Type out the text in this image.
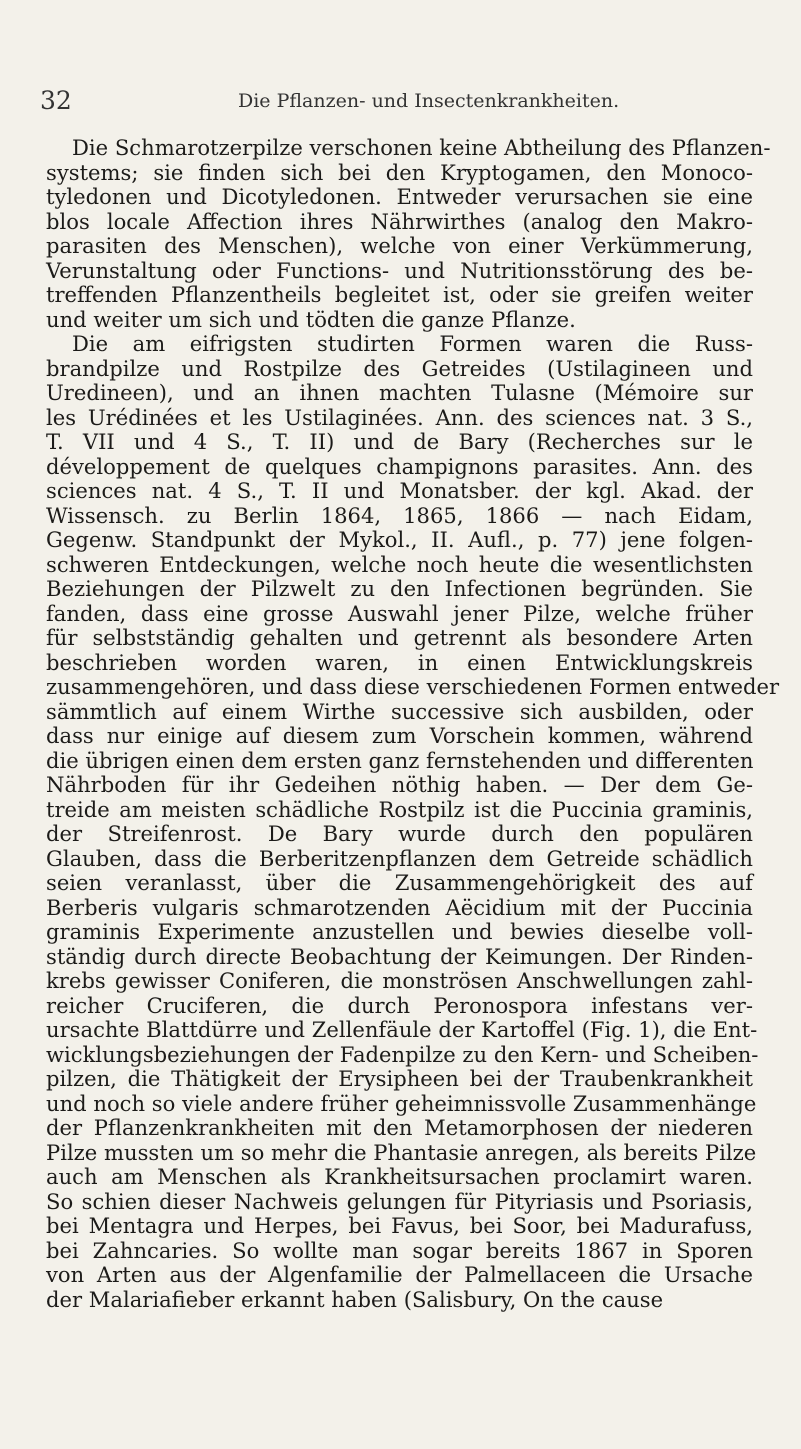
32	Die Pflanzen- und Insectenkrankheiten.
Die Schmarotzerpilze verschonen keine Abtheilung des Pflanzen-
systems; sie finden sich bei den Kryptogamen, den Monoco-
tyledonen und Dicotyledonen. Entweder verursachen sie eine
blos locale Affection ihres Nährwirthes (analog den Makro-
parasiten des Menschen), welche von einer Verkümmerung,
Verunstaltung oder Functions- und Nutritionsstörung des be-
treffenden Pflanzentheils begleitet ist, oder sie greifen weiter
und weiter um sich und tödten die ganze Pflanze.
Die am eifrigsten studirten Formen waren die Russ-
brandpilze und Rostpilze des Getreides (Ustilagineen und
Uredineen), und an ihnen machten Tulasne (Mémoire sur
les Urédinées et les Ustilaginées. Ann. des sciences nat. 3 S.,
T. VII und 4 S., T. II) und de Bary (Recherches sur le
développement de quelques champignons parasites. Ann. des
sciences nat. 4 S., T. II und Monatsber. der kgl. Akad. der
Wissensch. zu Berlin 1864, 1865, 1866 — nach Eidam,
Gegenw. Standpunkt der Mykol., II. Aufl., p. 77) jene folgen-
schweren Entdeckungen, welche noch heute die wesentlichsten
Beziehungen der Pilzwelt zu den Infectionen begründen. Sie
fanden, dass eine grosse Auswahl jener Pilze, welche früher
für selbstständig gehalten und getrennt als besondere Arten
beschrieben worden waren, in einen Entwicklungskreis
zusammengehören, und dass diese verschiedenen Formen entweder
sämmtlich auf einem Wirthe successive sich ausbilden, oder
dass nur einige auf diesem zum Vorschein kommen, während
die übrigen einen dem ersten ganz fernstehenden und differenten
Nährboden für ihr Gedeihen nöthig haben. — Der dem Ge-
treide am meisten schädliche Rostpilz ist die Puccinia graminis,
der Streifenrost. De Bary wurde durch den populären
Glauben, dass die Berberitzenpflanzen dem Getreide schädlich
seien veranlasst, über die Zusammengehörigkeit des auf
Berberis vulgaris schmarotzenden Aëcidium mit der Puccinia
graminis Experimente anzustellen und bewies dieselbe voll-
ständig durch directe Beobachtung der Keimungen. Der Rinden-
krebs gewisser Coniferen, die monströsen Anschwellungen zahl-
reicher Cruciferen, die durch Peronospora infestans ver-
ursachte Blattdürre und Zellenfäule der Kartoffel (Fig. 1), die Ent-
wicklungsbeziehungen der Fadenpilze zu den Kern- und Scheiben-
pilzen, die Thätigkeit der Erysipheen bei der Traubenkrankheit
und noch so viele andere früher geheimnissvolle Zusammenhänge
der Pflanzenkrankheiten mit den Metamorphosen der niederen
Pilze mussten um so mehr die Phantasie anregen, als bereits Pilze
auch am Menschen als Krankheitsursachen proclamirt waren.
So schien dieser Nachweis gelungen für Pityriasis und Psoriasis,
bei Mentagra und Herpes, bei Favus, bei Soor, bei Madurafuss,
bei Zahncaries. So wollte man sogar bereits 1867 in Sporen
von Arten aus der Algenfamilie der Palmellaceen die Ursache
der Malariafieber erkannt haben (Salisbury, On the cause
